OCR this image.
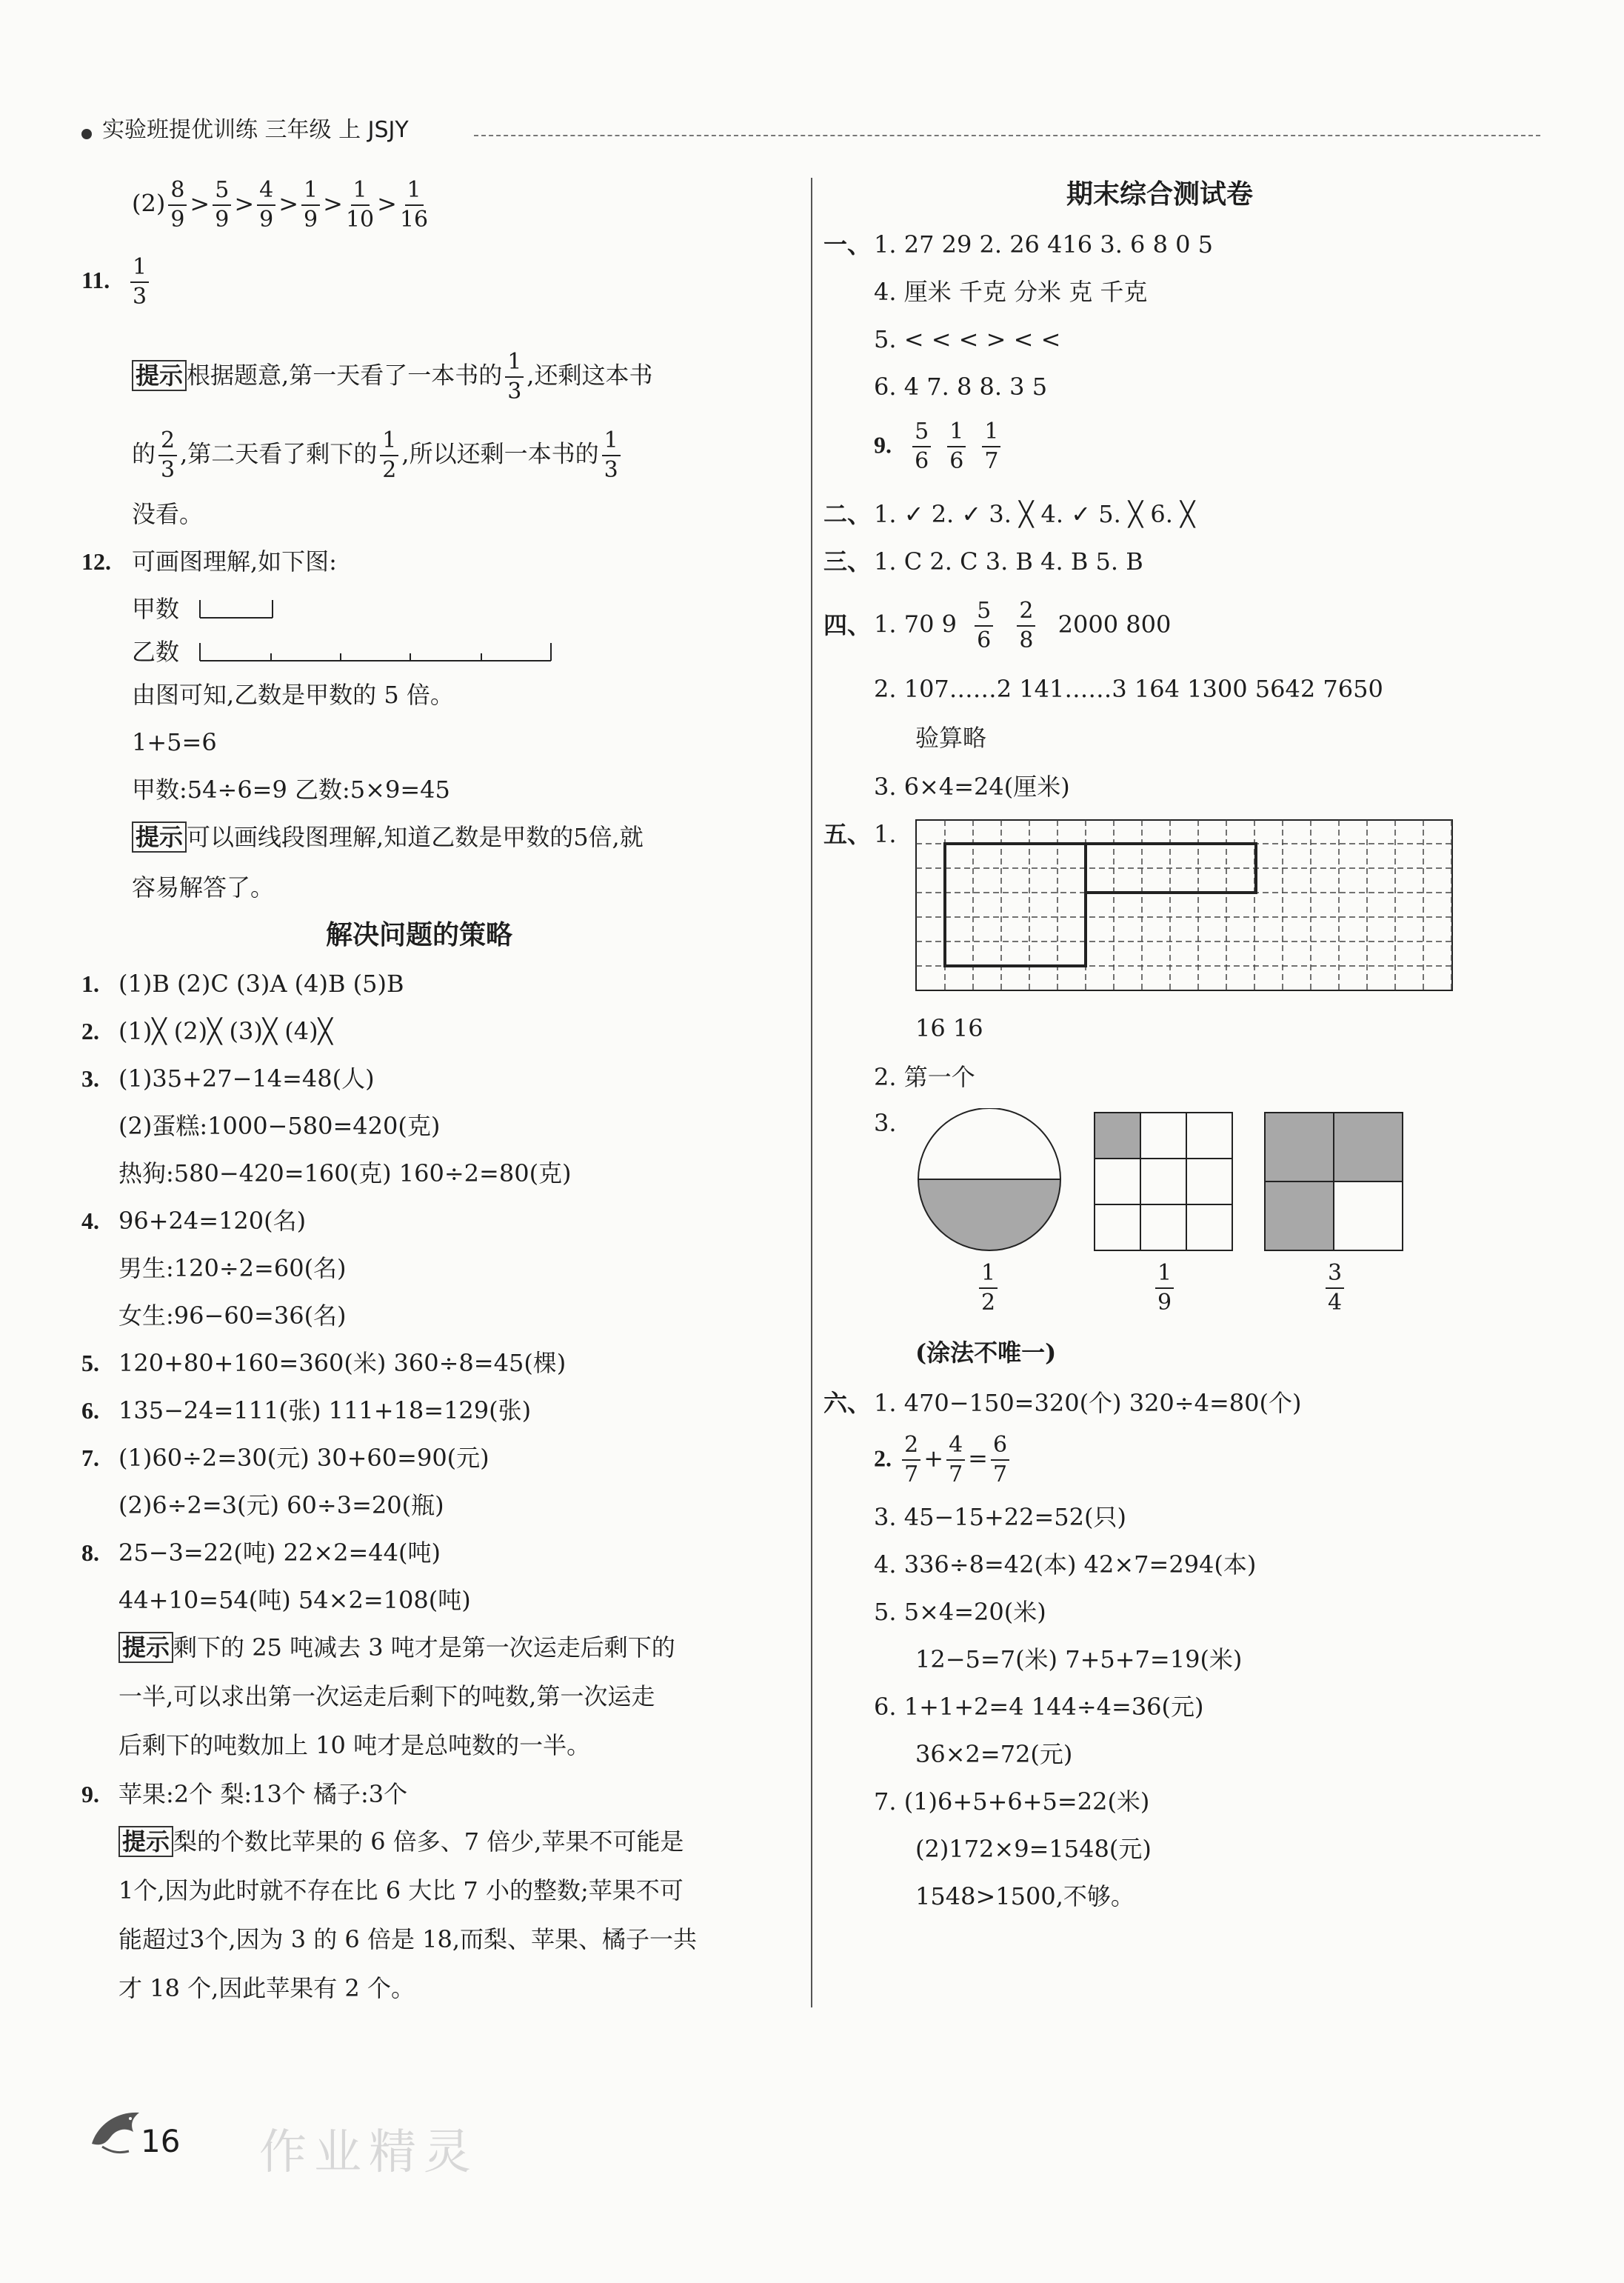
实验班提优训练 三年级 上 JSJY
$(2) \frac{8}{9} > \frac{5}{9} > \frac{4}{9} > \frac{1}{9} > \frac{1}{10} > \frac{1}{16}$
11. $\frac{1}{3}$
提示 根据题意,第一天看了一本书的 $\frac{1}{3}$ ,还剩这本书
的 $\frac{2}{3}$ ,第二天看了剩下的 $\frac{1}{2}$ ,所以还剩一本书的 $\frac{1}{3}$
没看。
12. 可画图理解,如下图:
甲数
乙数
由图可知,乙数是甲数的 5 倍。
1+5=6
甲数:54÷6=9 乙数:5×9=45
提示 可以画线段图理解,知道乙数是甲数的5倍,就
容易解答了。
解决问题的策略
1. (1)B (2)C (3)A (4)B (5)B
2. (1)╳ (2)╳ (3)╳ (4)╳
3. (1)35+27−14=48(人)
(2)蛋糕:1000−580=420(克)
热狗:580−420=160(克) 160÷2=80(克)
4. 96+24=120(名)
男生:120÷2=60(名)
女生:96−60=36(名)
5. 120+80+160=360(米) 360÷8=45(棵)
6. 135−24=111(张) 111+18=129(张)
7. (1)60÷2=30(元) 30+60=90(元)
(2)6÷2=3(元) 60÷3=20(瓶)
8. 25−3=22(吨) 22×2=44(吨)
44+10=54(吨) 54×2=108(吨)
提示 剩下的 25 吨减去 3 吨才是第一次运走后剩下的
一半,可以求出第一次运走后剩下的吨数,第一次运走
后剩下的吨数加上 10 吨才是总吨数的一半。
9. 苹果:2个 梨:13个 橘子:3个
提示 梨的个数比苹果的 6 倍多、7 倍少,苹果不可能是
1个,因为此时就不存在比 6 大比 7 小的整数;苹果不可
能超过3个,因为 3 的 6 倍是 18,而梨、苹果、橘子一共
才 18 个,因此苹果有 2 个。
期末综合测试卷
一、 1. 27 29 2. 26 416 3. 6 8 0 5
4. 厘米 千克 分米 克 千克
5. < < < > < <
6. 4 7. 8 8. 3 5
9. $\frac{5}{6} \frac{1}{6} \frac{1}{7}$
二、 1. ✓ 2. ✓ 3. ╳ 4. ✓ 5. ╳ 6. ╳
三、 1. C 2. C 3. B 4. B 5. B
四、 1. 70 $9 \frac{5}{6}$
$\frac{2}{8} 2000$ 800
2. 107……2 141……3 164 1300 5642 7650
验算略
3. 6×4=24(厘米)
五、 1.
16 16
2. 第一个
3.
$\frac{1}{2}$	$\frac{1}{9}$	$\frac{3}{4}$
(涂法不唯一)
六、 1. 470−150=320(个) 320÷4=80(个)
2. $\frac{2}{7} + \frac{4}{7} = \frac{6}{7}$
3. 45−15+22=52(只)
4. 336÷8=42(本) 42×7=294(本)
5. 5×4=20(米)
12−5=7(米) 7+5+7=19(米)
6. 1+1+2=4 144÷4=36(元)
36×2=72(元)
7. (1)6+5+6+5=22(米)
(2)172×9=1548(元)
1548>1500,不够。
16 作业精灵
